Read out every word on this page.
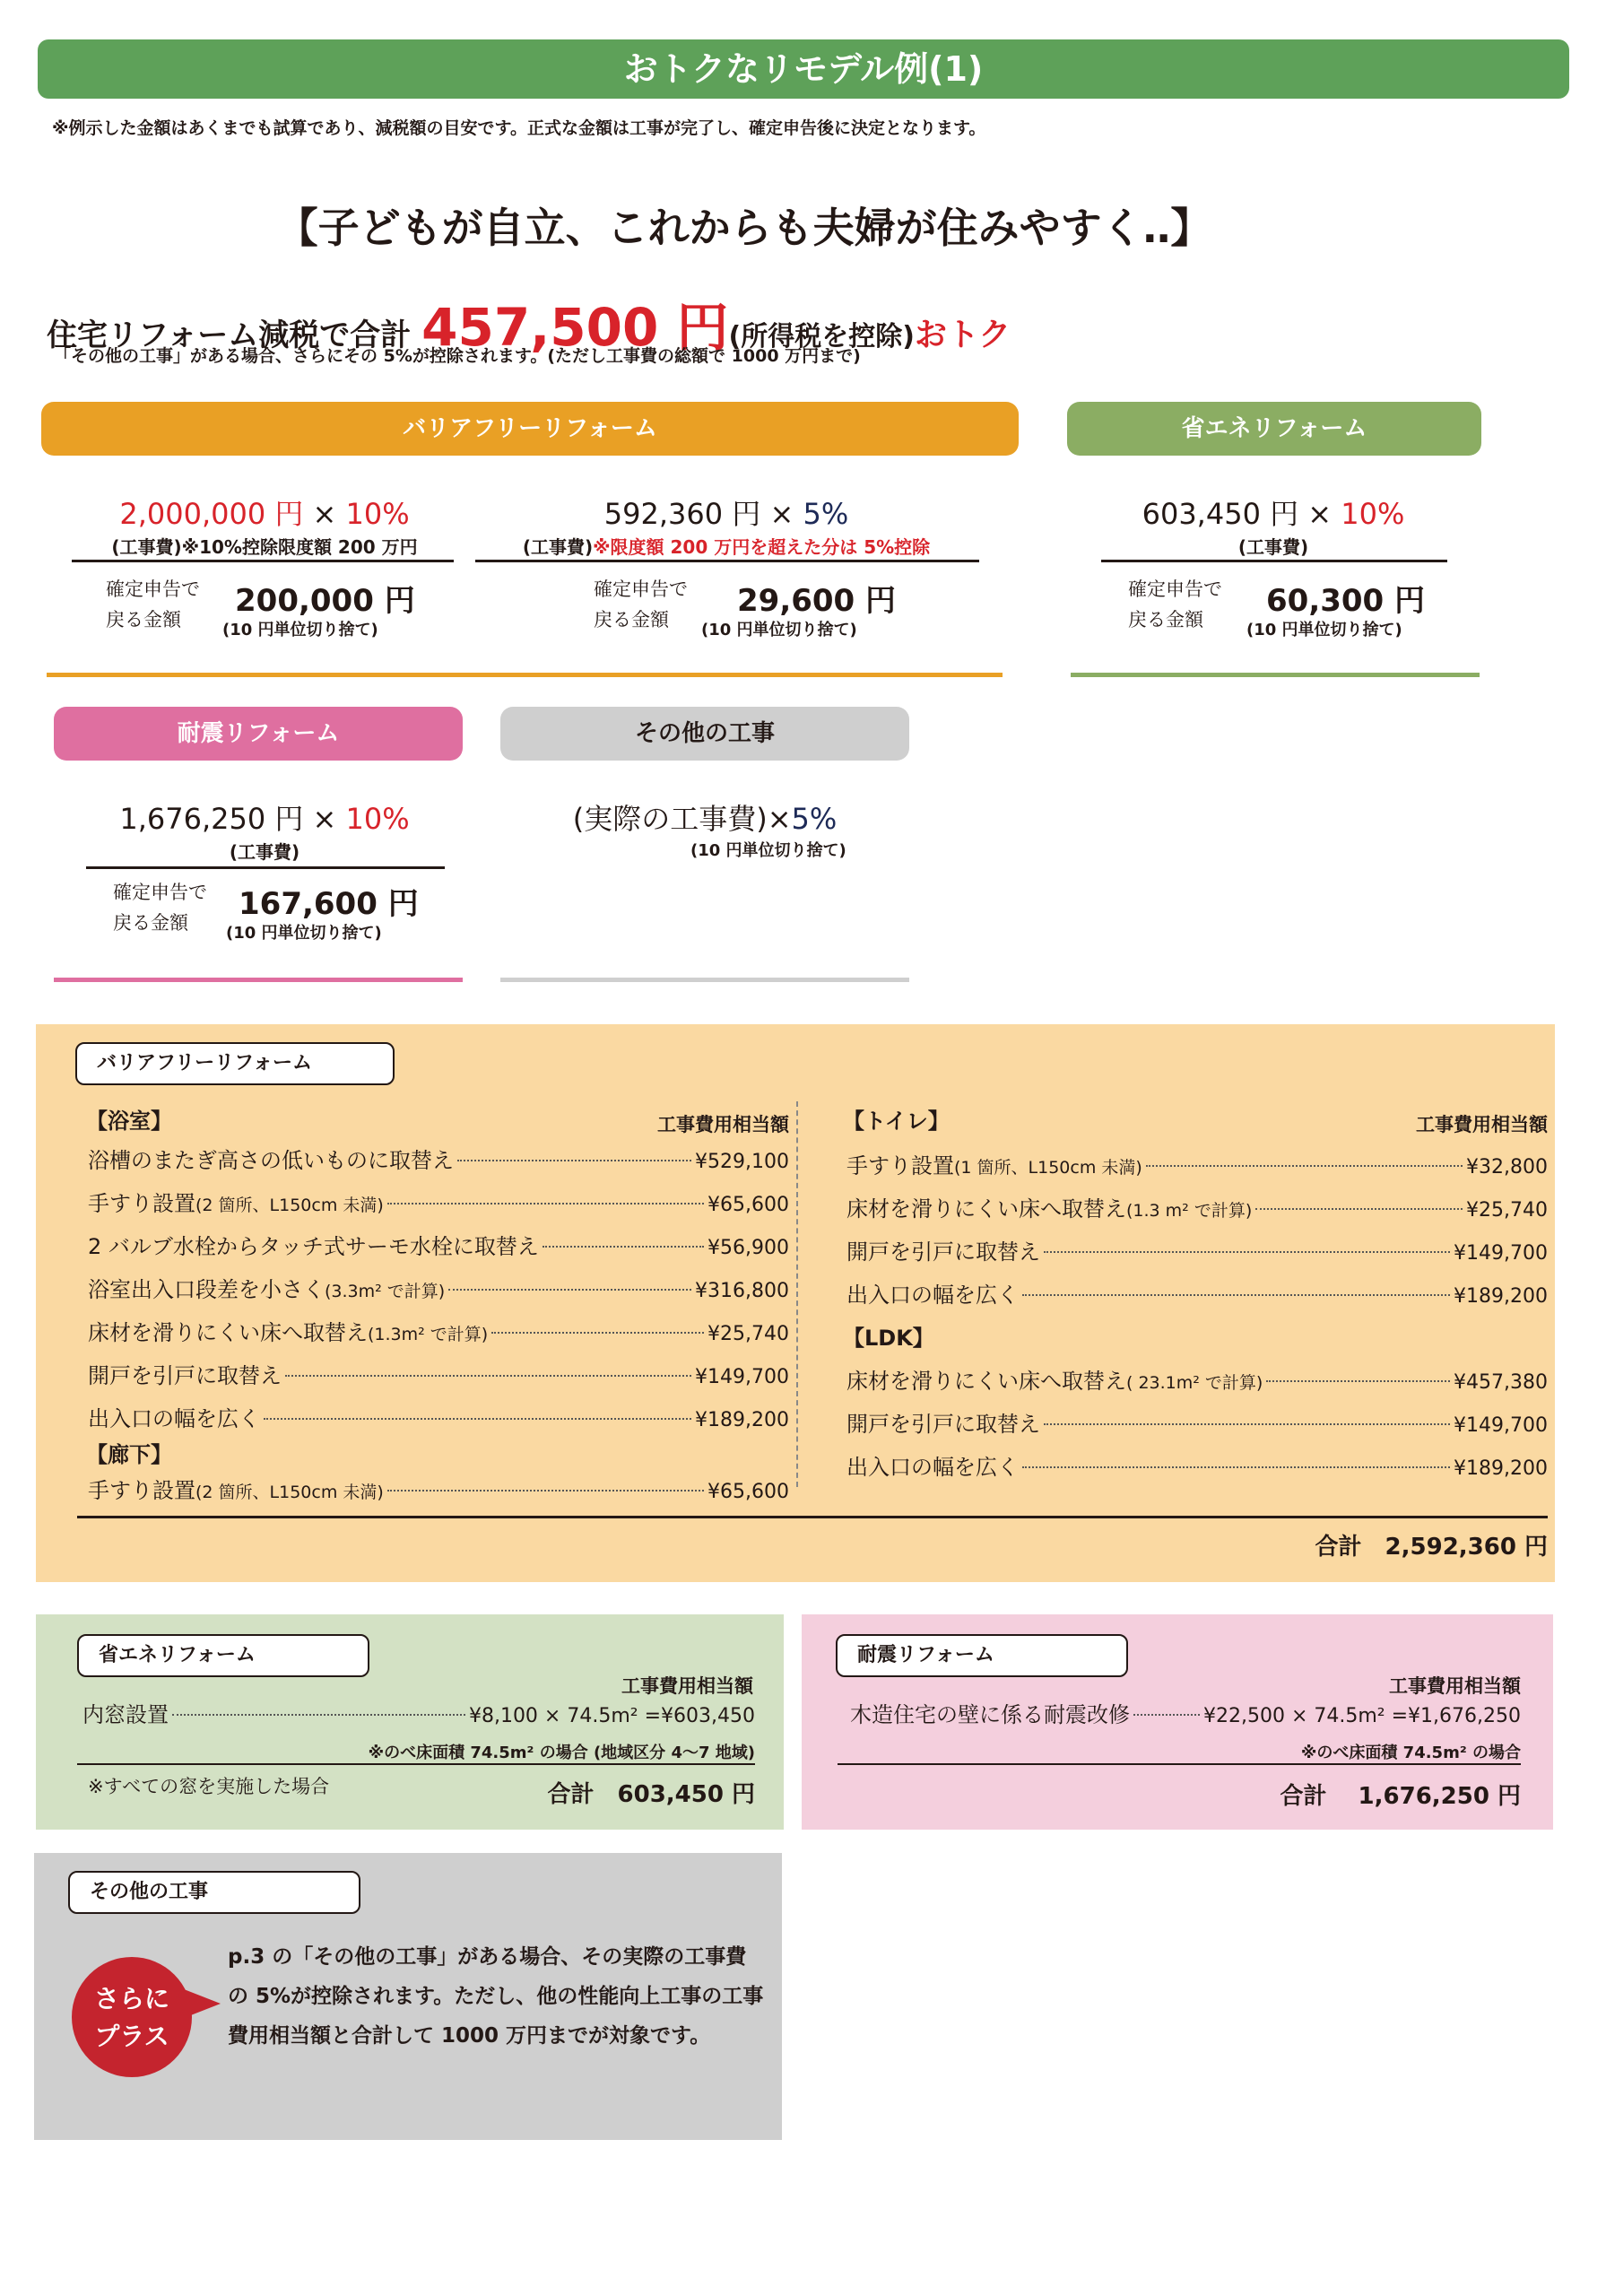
おトクなリモデル例(1)
※例示した金額はあくまでも試算であり、減税額の目安です。正式な金額は工事が完了し、確定申告後に決定となります。
【子どもが自立、これからも夫婦が住みやすく‥】
住宅リフォーム減税で合計 457,500 円(所得税を控除)おトク
「その他の工事」がある場合、さらにその 5%が控除されます。(ただし工事費の総額で 1000 万円まで)
バリアフリーリフォーム	省エネリフォーム
耐震リフォーム	その他の工事
2,000,000 円 × 10%
(工事費)※10%控除限度額 200 万円
確定申告で
戻る金額
200,000 円
(10 円単位切り捨て)
592,360 円 × 5%
(工事費)※限度額 200 万円を超えた分は 5%控除
確定申告で
戻る金額
29,600 円
(10 円単位切り捨て)
603,450 円 × 10%
(工事費)
確定申告で
戻る金額
60,300 円
(10 円単位切り捨て)
1,676,250 円 × 10%
(工事費)
確定申告で
戻る金額
167,600 円
(10 円単位切り捨て)
(実際の工事費)×5%
(10 円単位切り捨て)
バリアフリーリフォーム
【浴室】	工事費用相当額
浴槽のまたぎ高さの低いものに取替え	¥529,100
手すり設置(2 箇所、L150cm 未満)	¥65,600
2 バルブ水栓からタッチ式サーモ水栓に取替え	¥56,900
浴室出入口段差を小さく(3.3m² で計算)	¥316,800
床材を滑りにくい床へ取替え(1.3m² で計算)	¥25,740
開戸を引戸に取替え	¥149,700
出入口の幅を広く	¥189,200
【廊下】
手すり設置(2 箇所、L150cm 未満)	¥65,600
【トイレ】	工事費用相当額
手すり設置(1 箇所、L150cm 未満)	¥32,800
床材を滑りにくい床へ取替え(1.3 m² で計算)	¥25,740
開戸を引戸に取替え	¥149,700
出入口の幅を広く	¥189,200
【LDK】
床材を滑りにくい床へ取替え( 23.1m² で計算)	¥457,380
開戸を引戸に取替え	¥149,700
出入口の幅を広く	¥189,200
合計　2,592,360 円
省エネリフォーム
工事費用相当額
内窓設置	¥8,100 × 74.5m² =¥603,450
※のべ床面積 74.5m² の場合 (地域区分 4～7 地域)
※すべての窓を実施した場合	合計　603,450 円
耐震リフォーム
工事費用相当額
木造住宅の壁に係る耐震改修	¥22,500 × 74.5m² =¥1,676,250
※のべ床面積 74.5m² の場合
合計　 1,676,250 円
その他の工事
さらに
プラス
p.3 の「その他の工事」がある場合、その実際の工事費の 5%が控除されます。ただし、他の性能向上工事の工事費用相当額と合計して 1000 万円までが対象です。
